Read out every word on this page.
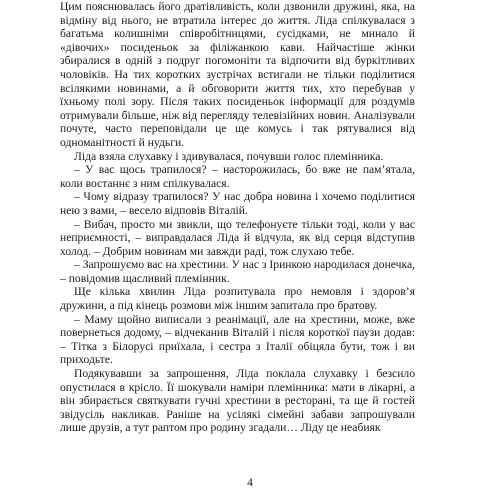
Цим пояснювалась його дратівливість, коли дзвонили дружині, яка, на відміну від нього, не втратила інтерес до життя. Ліда спілкувалася з багатьма колишніми співробітницями, сусідками, не минало й «дівочих» посиденьок за філіжанкою кави. Найчастіше жінки збиралися в одній з подруг погомоніти та відпочити від буркітливих чоловіків. На тих коротких зустрічах встигали не тільки поділитися всілякими новинами, а й обговорити життя тих, хто перебував у їхньому полі зору. Після таких посиденьок інформації для роздумів отримували більше, ніж від перегляду телевізійних новин. Аналізували почуте, часто переповідали це ще комусь і так рятувалися від одноманітності й нудьги.

Ліда взяла слухавку і здивувалася, почувши голос племінника.

– У вас щось трапилося? – насторожилась, бо вже не пам’ятала, коли востаннє з ним спілкувалася.

– Чому відразу трапилося? У нас добра новина і хочемо поділитися нею з вами, – весело відповів Віталій.

– Вибач, просто ми звикли, що телефонуєте тільки тоді, коли у вас неприємності, – виправдалася Ліда й відчула, як від серця відступив холод. – Добрим новинам ми завжди раді, тож слухаю тебе.

– Запрошуємо вас на хрестини. У нас з Іринкою народилася донечка, – повідомив щасливий племінник.

Ще кілька хвилин Ліда розпитувала про немовля і здоров’я дружини, а під кінець розмови між іншим запитала про братову.

– Маму щойно виписали з реанімації, але на хрестини, може, вже повернеться додому, – відчеканив Віталій і після короткої паузи додав: – Тітка з Білорусі приїхала, і сестра з Італії обіцяла бути, тож і ви приходьте.

Подякувавши за запрошення, Ліда поклала слухавку і безсило опустилася в крісло. Її шокували наміри племінника: мати в лікарні, а він збирається святкувати гучні хрестини в ресторані, та ще й гостей звідусіль накликав. Раніше на усілякі сімейні забави запрошували лише друзів, а тут раптом про родину згадали… Ліду це неабияк

4
